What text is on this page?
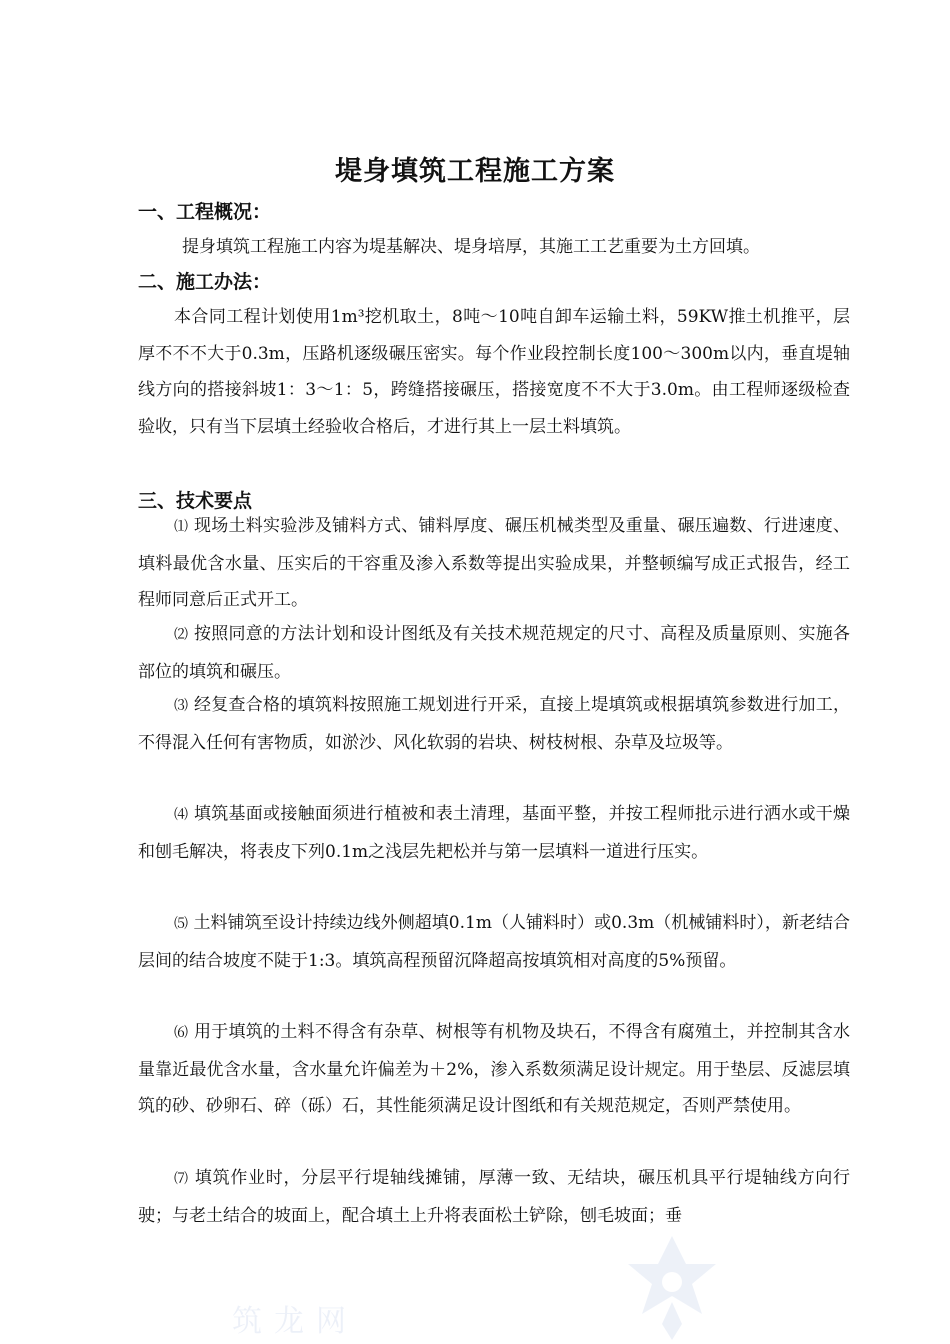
堤身填筑工程施工方案
一、工程概况：
提身填筑工程施工内容为堤基解决、堤身培厚，其施工工艺重要为土方回填。
二、施工办法：
本合同工程计划使用1m³挖机取土，8吨～10吨自卸车运输土料，59KW推土机推平，层厚不不不大于0.3m，压路机逐级碾压密实。每个作业段控制长度100～300m以内，垂直堤轴线方向的搭接斜坡1：3～1：5，跨缝搭接碾压，搭接宽度不不大于3.0m。由工程师逐级检查验收，只有当下层填土经验收合格后，才进行其上一层土料填筑。
三、技术要点
⑴ 现场土料实验涉及铺料方式、铺料厚度、碾压机械类型及重量、碾压遍数、行进速度、填料最优含水量、压实后的干容重及渗入系数等提出实验成果，并整顿编写成正式报告，经工程师同意后正式开工。
⑵ 按照同意的方法计划和设计图纸及有关技术规范规定的尺寸、高程及质量原则、实施各部位的填筑和碾压。
⑶ 经复查合格的填筑料按照施工规划进行开采，直接上堤填筑或根据填筑参数进行加工，不得混入任何有害物质，如淤沙、风化软弱的岩块、树枝树根、杂草及垃圾等。
⑷ 填筑基面或接触面须进行植被和表土清理，基面平整，并按工程师批示进行洒水或干燥和刨毛解决，将表皮下列0.1m之浅层先耙松并与第一层填料一道进行压实。
⑸ 土料铺筑至设计持续边线外侧超填0.1m（人铺料时）或0.3m（机械铺料时），新老结合层间的结合坡度不陡于1:3。填筑高程预留沉降超高按填筑相对高度的5%预留。
⑹ 用于填筑的土料不得含有杂草、树根等有机物及块石，不得含有腐殖土，并控制其含水量靠近最优含水量，含水量允许偏差为＋2%，渗入系数须满足设计规定。用于垫层、反滤层填筑的砂、砂卵石、碎（砾）石，其性能须满足设计图纸和有关规范规定，否则严禁使用。
⑺ 填筑作业时，分层平行堤轴线摊铺，厚薄一致、无结块，碾压机具平行堤轴线方向行驶；与老土结合的坡面上，配合填土上升将表面松土铲除，刨毛坡面；垂
筑龙网
